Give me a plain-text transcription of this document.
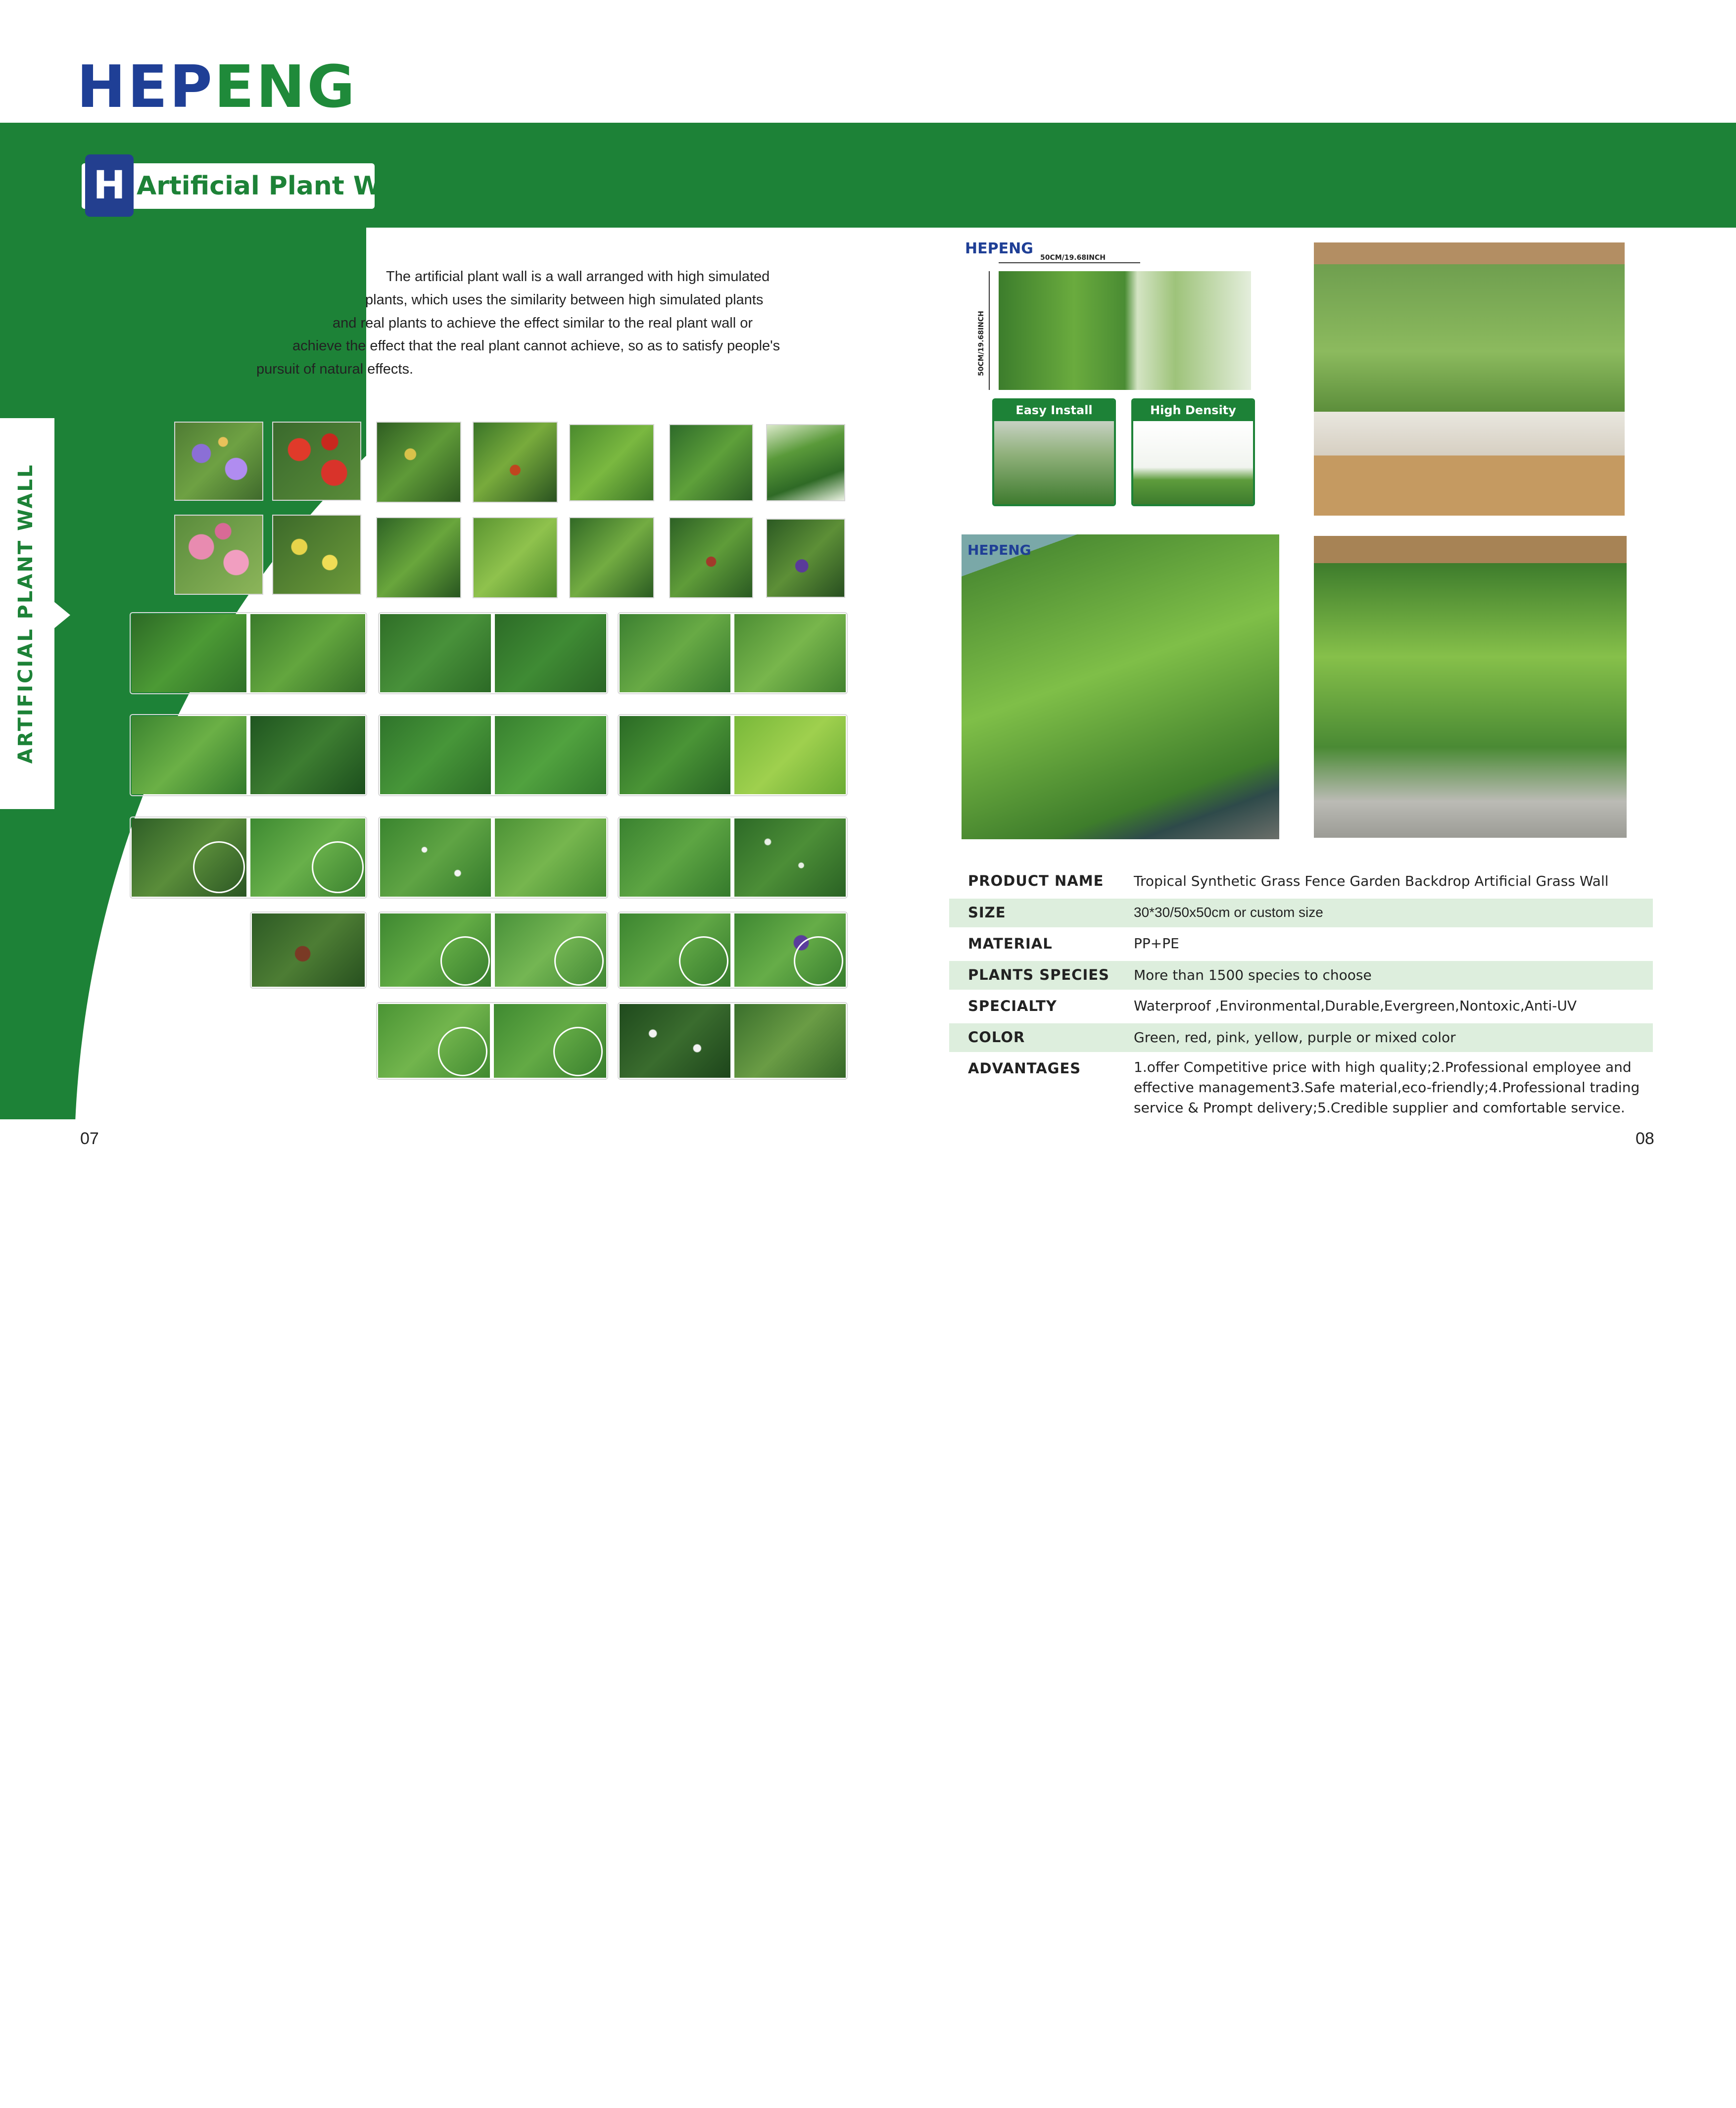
HEPENG
H Artificial Plant Wall
ARTIFICIAL PLANT WALL
The artificial plant wall is a wall arranged with high simulated
plants, which uses the similarity between high simulated plants
and real plants to achieve the effect similar to the real plant wall or
achieve the effect that the real plant cannot achieve, so as to satisfy people's
pursuit of natural effects.
HEPENG
50CM/19.68INCH
50CM/19.68INCH
Easy Install	High Density
HEPENG
PRODUCT NAME Tropical Synthetic Grass Fence Garden Backdrop Artificial Grass Wall
SIZE	30*30/50x50cm or custom size
MATERIAL	PP+PE
PLANTS SPECIES More than 1500 species to choose
SPECIALTY	Waterproof ,Environmental,Durable,Evergreen,Nontoxic,Anti-UV
COLOR	Green, red, pink, yellow, purple or mixed color
ADVANTAGES	1.offer Competitive price with high quality;2.Professional employee and effective management3.Safe material,eco-friendly;4.Professional trading service & Prompt delivery;5.Credible supplier and comfortable service.
07	08
